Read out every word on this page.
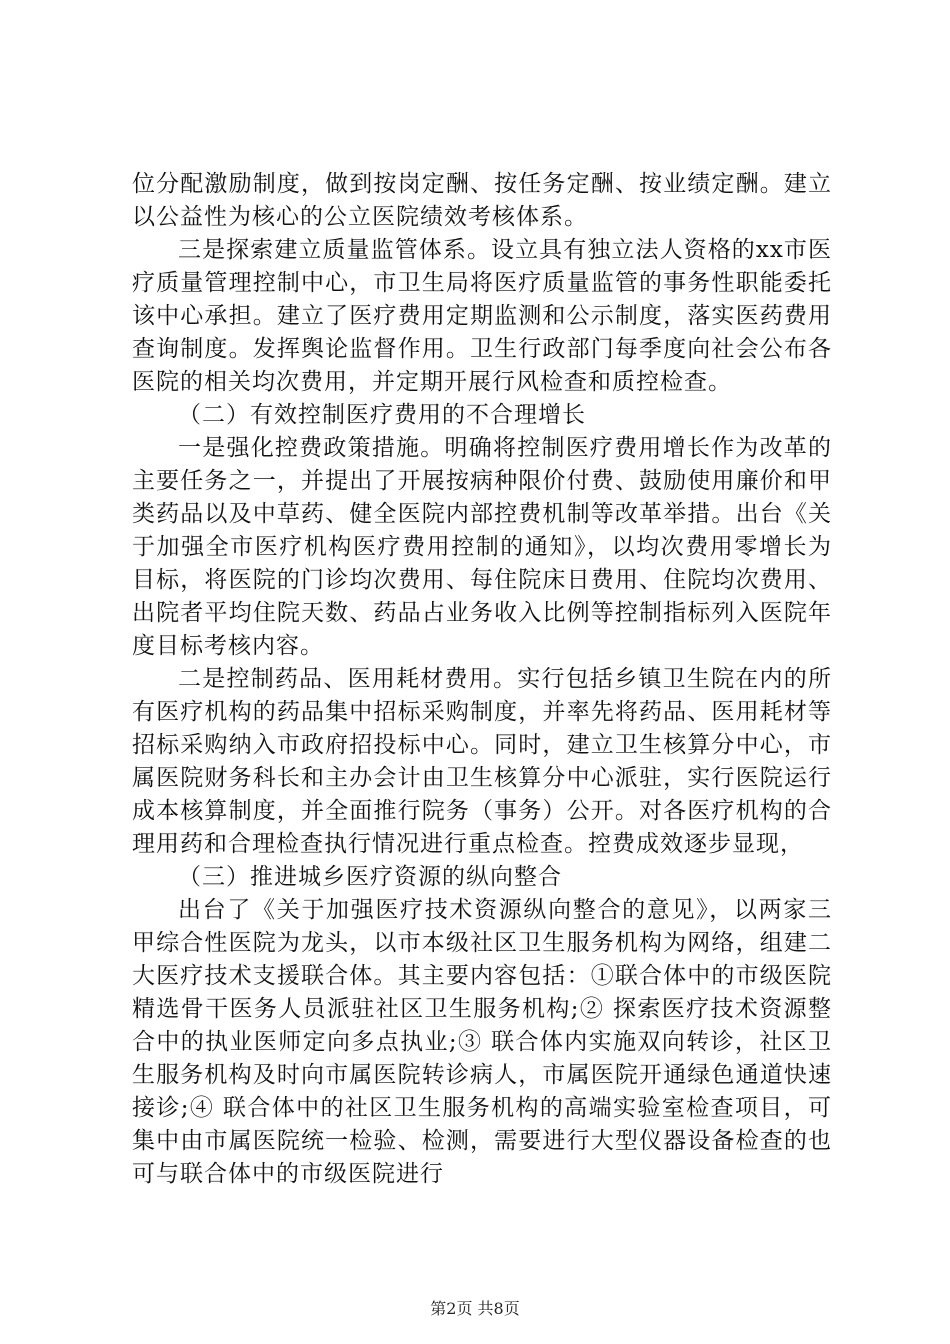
位分配激励制度，做到按岗定酬、按任务定酬、按业绩定酬。建立以公益性为核心的公立医院绩效考核体系。

三是探索建立质量监管体系。设立具有独立法人资格的xx市医疗质量管理控制中心，市卫生局将医疗质量监管的事务性职能委托该中心承担。建立了医疗费用定期监测和公示制度，落实医药费用查询制度。发挥舆论监督作用。卫生行政部门每季度向社会公布各医院的相关均次费用，并定期开展行风检查和质控检查。

（二）有效控制医疗费用的不合理增长

一是强化控费政策措施。明确将控制医疗费用增长作为改革的主要任务之一，并提出了开展按病种限价付费、鼓励使用廉价和甲类药品以及中草药、健全医院内部控费机制等改革举措。出台《关于加强全市医疗机构医疗费用控制的通知》，以均次费用零增长为目标，将医院的门诊均次费用、每住院床日费用、住院均次费用、出院者平均住院天数、药品占业务收入比例等控制指标列入医院年度目标考核内容。

二是控制药品、医用耗材费用。实行包括乡镇卫生院在内的所有医疗机构的药品集中招标采购制度，并率先将药品、医用耗材等招标采购纳入市政府招投标中心。同时，建立卫生核算分中心，市属医院财务科长和主办会计由卫生核算分中心派驻，实行医院运行成本核算制度，并全面推行院务（事务）公开。对各医疗机构的合理用药和合理检查执行情况进行重点检查。控费成效逐步显现，

（三）推进城乡医疗资源的纵向整合

出台了《关于加强医疗技术资源纵向整合的意见》，以两家三甲综合性医院为龙头，以市本级社区卫生服务机构为网络，组建二大医疗技术支援联合体。其主要内容包括：①联合体中的市级医院精选骨干医务人员派驻社区卫生服务机构;② 探索医疗技术资源整合中的执业医师定向多点执业;③ 联合体内实施双向转诊，社区卫生服务机构及时向市属医院转诊病人，市属医院开通绿色通道快速接诊;④ 联合体中的社区卫生服务机构的高端实验室检查项目，可集中由市属医院统一检验、检测，需要进行大型仪器设备检查的也可与联合体中的市级医院进行

第2页 共8页
